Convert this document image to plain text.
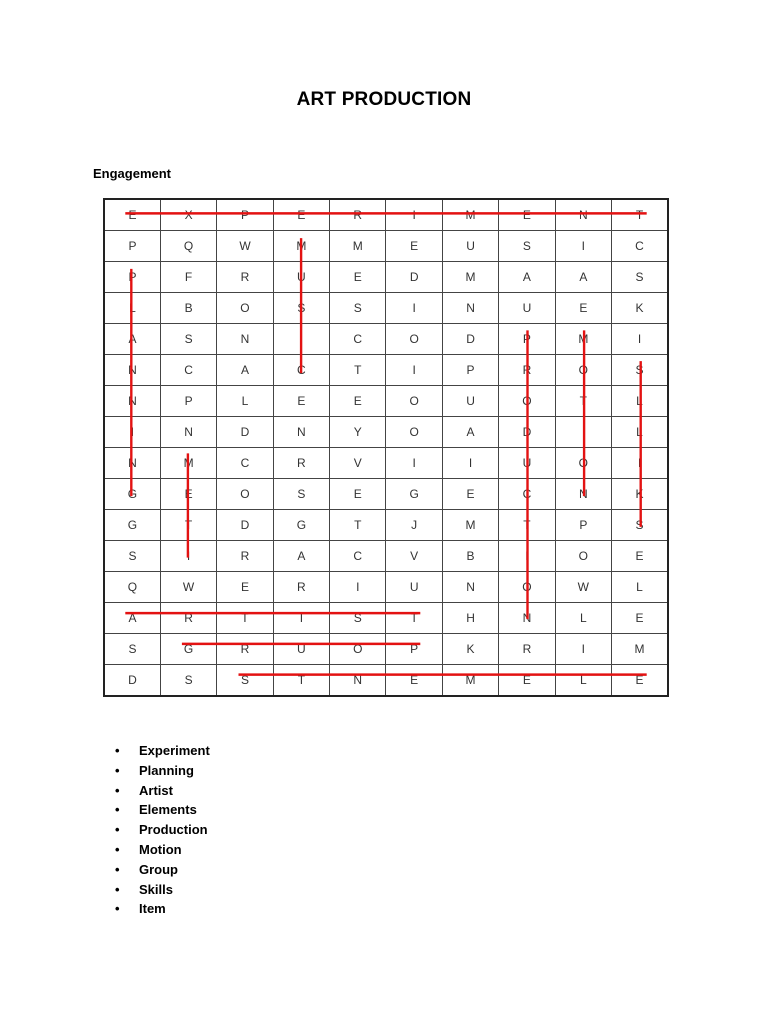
ART PRODUCTION
Engagement
E	X	P	E	R	I	M	E	N	T
P	Q	W	M	M	E	U	S	I	C
P	F	R	U	E	D	M	A	A	S
L	B	O	S	S	I	N	U	E	K
A	S	N		C	O	D	P	M	I
N	C	A	C	T	I	P	R	O	S
N	P	L	E	E	O	U	O	T	L
I	N	D	N	Y	O	A	D		L
N	M	C	R	V	I	I	U	O	I
G	E	O	S	E	G	E	C	N	K
G	T	D	G	T	J	M	T	P	S
S	I	R	A	C	V	B	I	O	E
Q	W	E	R	I	U	N	O	W	L
A	R	T	I	S	T	H	N	L	E
S	G	R	U	O	P	K	R	I	M
D	S	S	T	N	E	M	E	L	E
• Experiment
• Planning
• Artist
• Elements
• Production
• Motion
• Group
• Skills
• Item
